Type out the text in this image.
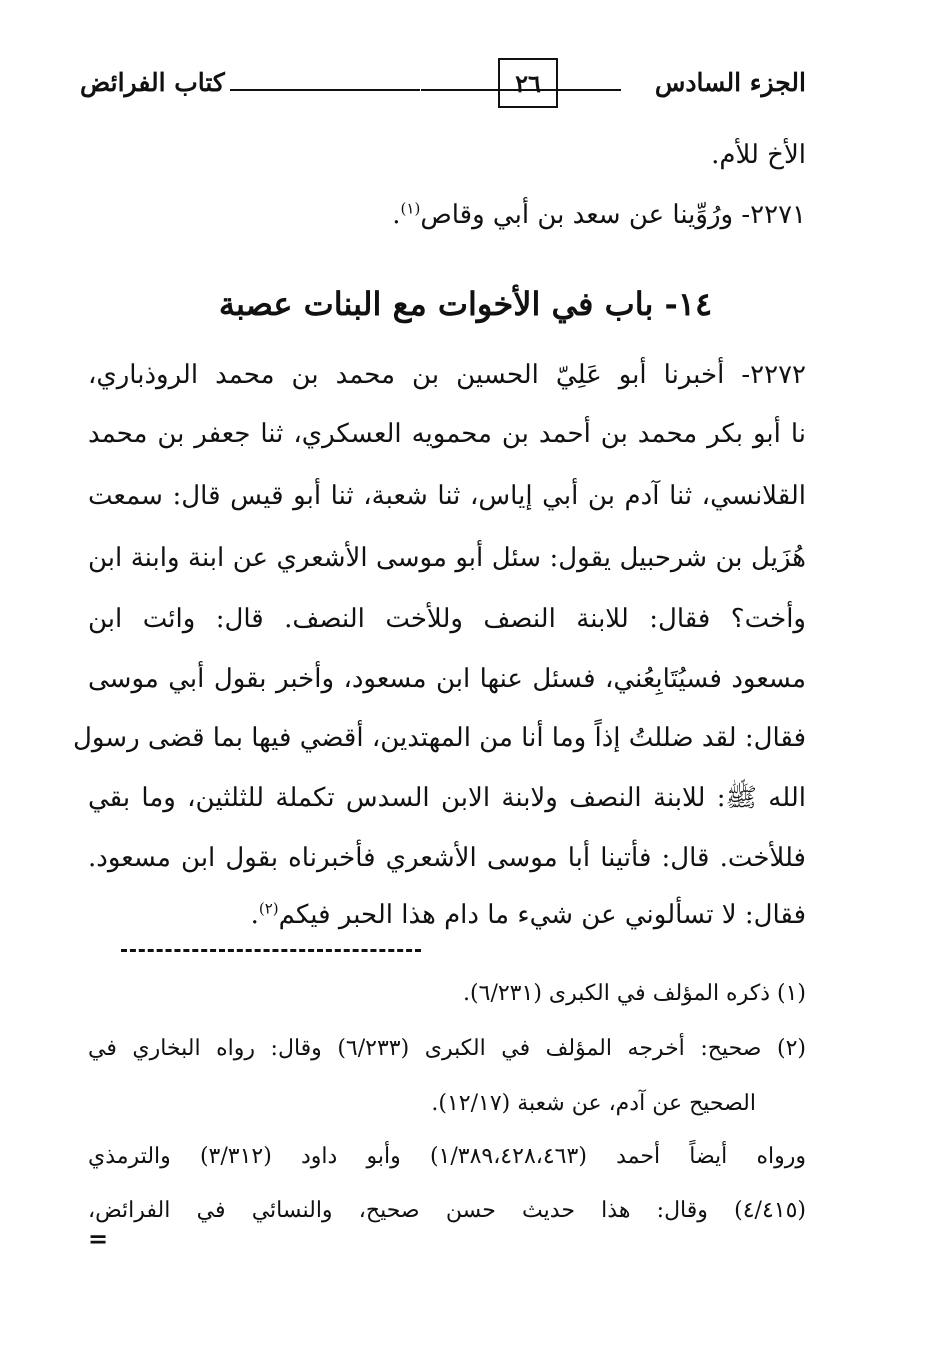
الجزء السادس
٢٦
كتاب الفرائض
الأخ للأم.
٢٢٧١- ورُوِّينا عن سعد بن أبي وقاص$^{(١)}$.
١٤- باب في الأخوات مع البنات عصبة
٢٢٧٢- أخبرنا أبو عَلِيّ الحسين بن محمد بن محمد الروذباري،
نا أبو بكر محمد بن أحمد بن محمويه العسكري، ثنا جعفر بن محمد
القلانسي، ثنا آدم بن أبي إياس، ثنا شعبة، ثنا أبو قيس قال: سمعت
هُزَيل بن شرحبيل يقول: سئل أبو موسى الأشعري عن ابنة وابنة ابن
وأخت؟ فقال: للابنة النصف وللأخت النصف. قال: وائت ابن
مسعود فسيُتَابِعُني، فسئل عنها ابن مسعود، وأخبر بقول أبي موسى
فقال: لقد ضللتُ إذاً وما أنا من المهتدين، أقضي فيها بما قضى رسول
الله ﷺ: للابنة النصف ولابنة الابن السدس تكملة للثلثين، وما بقي
فللأخت. قال: فأتينا أبا موسى الأشعري فأخبرناه بقول ابن مسعود.
فقال: لا تسألوني عن شيء ما دام هذا الحبر فيكم$^{(٢)}$.
(١) ذكره المؤلف في الكبرى (٦/٢٣١).
(٢) صحيح: أخرجه المؤلف في الكبرى (٦/٢٣٣) وقال: رواه البخاري في
الصحيح عن آدم، عن شعبة (١٢/١٧).
ورواه أيضاً أحمد (١/٣٨٩،٤٢٨،٤٦٣) وأبو داود (٣/٣١٢) والترمذي
(٤/٤١٥) وقال: هذا حديث حسن صحيح، والنسائي في الفرائض،
=
